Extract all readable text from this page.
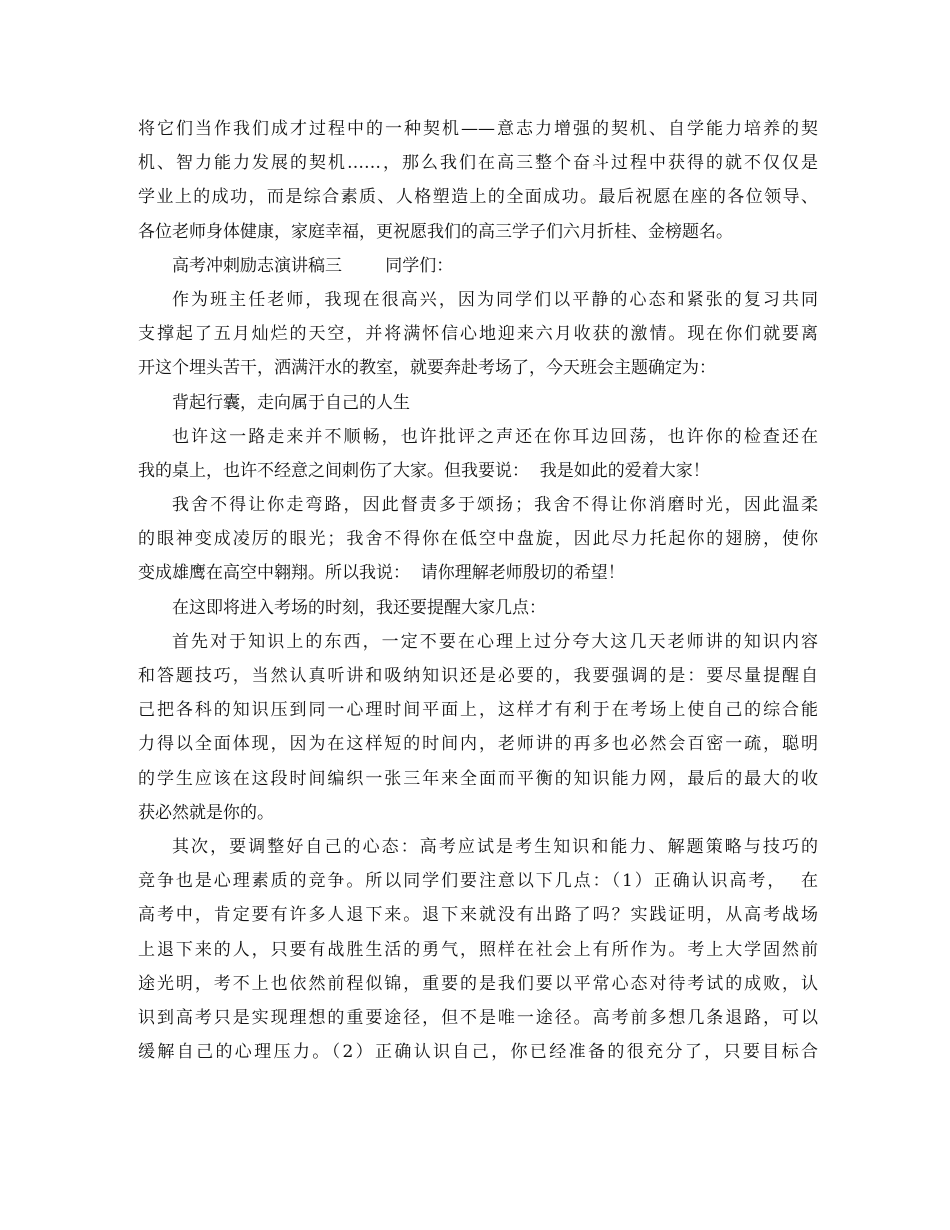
将它们当作我们成才过程中的一种契机——意志力增强的契机、自学能力培养的契
机、智力能力发展的契机……，那么我们在高三整个奋斗过程中获得的就不仅仅是
学业上的成功，而是综合素质、人格塑造上的全面成功。最后祝愿在座的各位领导、
各位老师身体健康，家庭幸福，更祝愿我们的高三学子们六月折桂、金榜题名。
高考冲刺励志演讲稿三        同学们：
作为班主任老师，我现在很高兴，因为同学们以平静的心态和紧张的复习共同
支撑起了五月灿烂的天空，并将满怀信心地迎来六月收获的激情。现在你们就要离
开这个埋头苦干，洒满汗水的教室，就要奔赴考场了，今天班会主题确定为：
背起行囊，走向属于自己的人生
也许这一路走来并不顺畅，也许批评之声还在你耳边回荡，也许你的检查还在
我的桌上，也许不经意之间刺伤了大家。但我要说：  我是如此的爱着大家！
我舍不得让你走弯路，因此督责多于颂扬；我舍不得让你消磨时光，因此温柔
的眼神变成凌厉的眼光；我舍不得你在低空中盘旋，因此尽力托起你的翅膀，使你
变成雄鹰在高空中翱翔。所以我说：  请你理解老师殷切的希望！
在这即将进入考场的时刻，我还要提醒大家几点：
首先对于知识上的东西，一定不要在心理上过分夸大这几天老师讲的知识内容
和答题技巧，当然认真听讲和吸纳知识还是必要的，我要强调的是：要尽量提醒自
己把各科的知识压到同一心理时间平面上，这样才有利于在考场上使自己的综合能
力得以全面体现，因为在这样短的时间内，老师讲的再多也必然会百密一疏，聪明
的学生应该在这段时间编织一张三年来全面而平衡的知识能力网，最后的最大的收
获必然就是你的。
其次，要调整好自己的心态：高考应试是考生知识和能力、解题策略与技巧的
竞争也是心理素质的竞争。所以同学们要注意以下几点：（1）正确认识高考，  在
高考中，肯定要有许多人退下来。退下来就没有出路了吗？实践证明，从高考战场
上退下来的人，只要有战胜生活的勇气，照样在社会上有所作为。考上大学固然前
途光明，考不上也依然前程似锦，重要的是我们要以平常心态对待考试的成败，认
识到高考只是实现理想的重要途径，但不是唯一途径。高考前多想几条退路，可以
缓解自己的心理压力。（2）正确认识自己，你已经准备的很充分了，只要目标合
